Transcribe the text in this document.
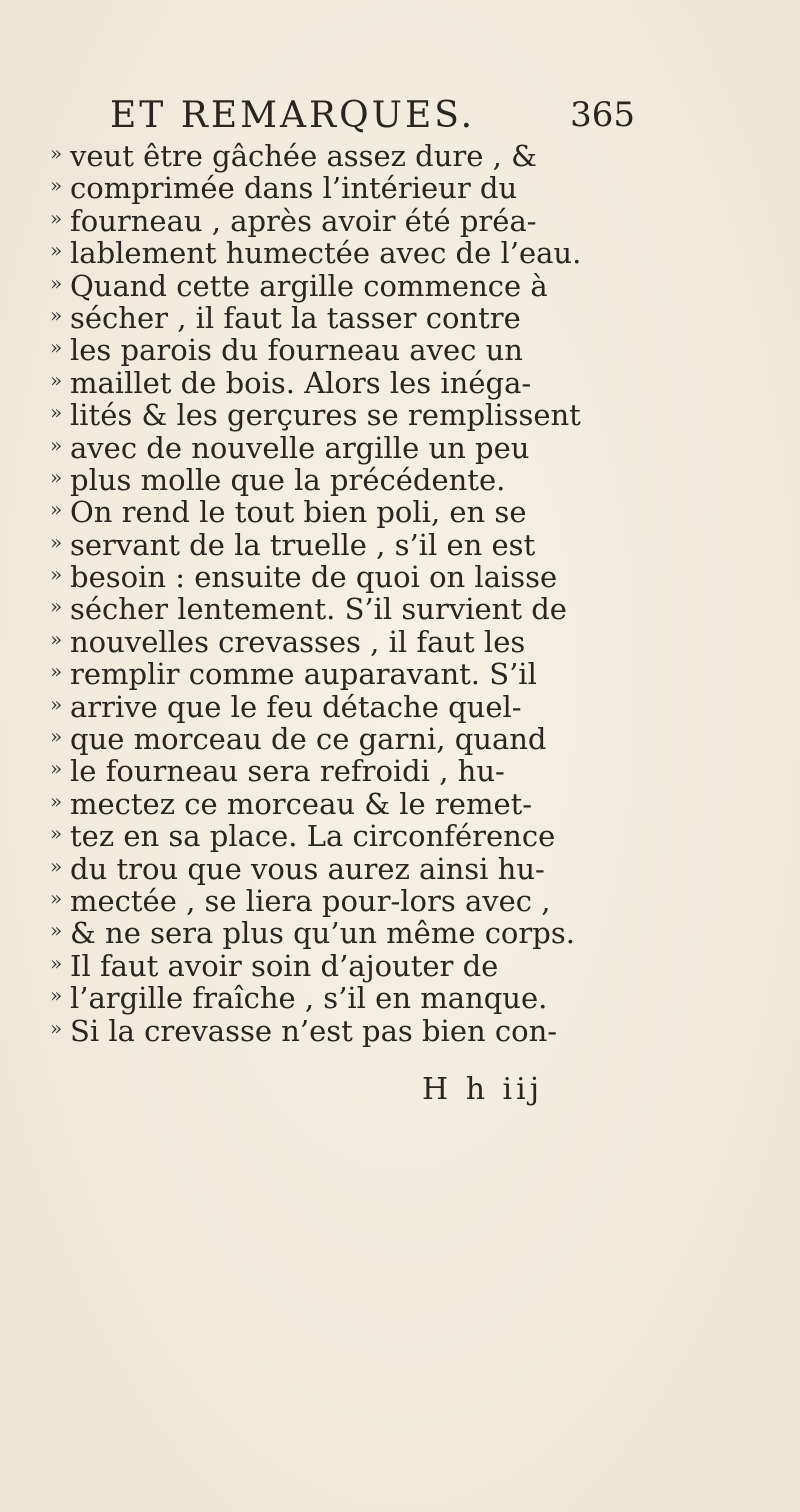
ET REMARQUES.	365
» veut être gâchée assez dure , &
» comprimée dans l’intérieur du
» fourneau , après avoir été préa-
» lablement humectée avec de l’eau.
» Quand cette argille commence à
» sécher , il faut la tasser contre
» les parois du fourneau avec un
» maillet de bois. Alors les inéga-
» lités & les gerçures se remplissent
» avec de nouvelle argille un peu
» plus molle que la précédente.
» On rend le tout bien poli, en se
» servant de la truelle , s’il en est
» besoin : ensuite de quoi on laisse
» sécher lentement. S’il survient de
» nouvelles crevasses , il faut les
» remplir comme auparavant. S’il
» arrive que le feu détache quel-
» que morceau de ce garni, quand
» le fourneau sera refroidi , hu-
» mectez ce morceau & le remet-
» tez en sa place. La circonférence
» du trou que vous aurez ainsi hu-
» mectée , se liera pour-lors avec ,
» & ne sera plus qu’un même corps.
» Il faut avoir soin d’ajouter de
» l’argille fraîche , s’il en manque.
» Si la crevasse n’est pas bien con-
H h iij
